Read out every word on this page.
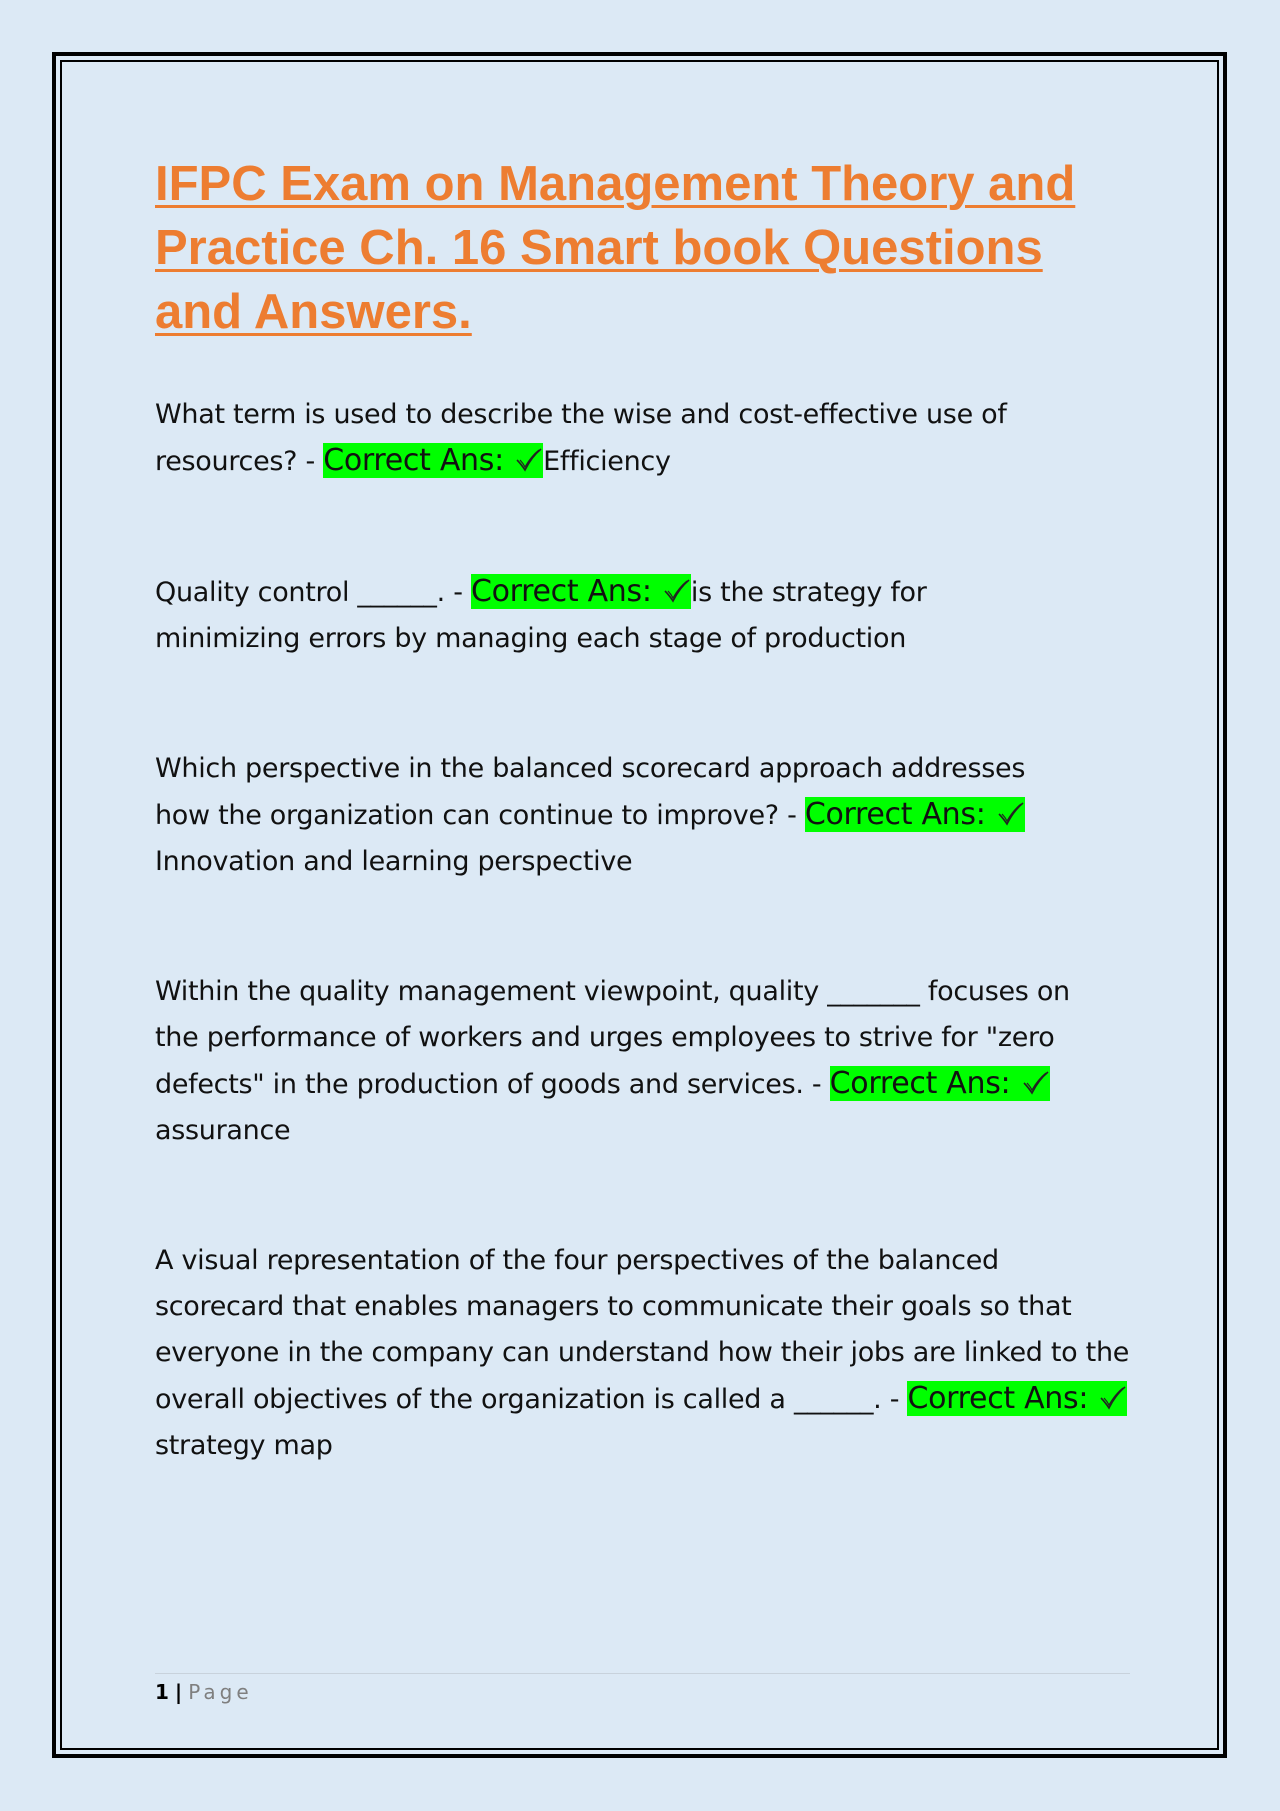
IFPC Exam on Management Theory and Practice Ch. 16 Smart book Questions and Answers.

What term is used to describe the wise and cost-effective use of resources? - Correct Ans: Efficiency

Quality control ______. - Correct Ans: is the strategy for minimizing errors by managing each stage of production

Which perspective in the balanced scorecard approach addresses how the organization can continue to improve? - Correct Ans: Innovation and learning perspective

Within the quality management viewpoint, quality _______ focuses on the performance of workers and urges employees to strive for "zero defects" in the production of goods and services. - Correct Ans: assurance

A visual representation of the four perspectives of the balanced scorecard that enables managers to communicate their goals so that everyone in the company can understand how their jobs are linked to the overall objectives of the organization is called a ______. - Correct Ans: strategy map

1 | Page
